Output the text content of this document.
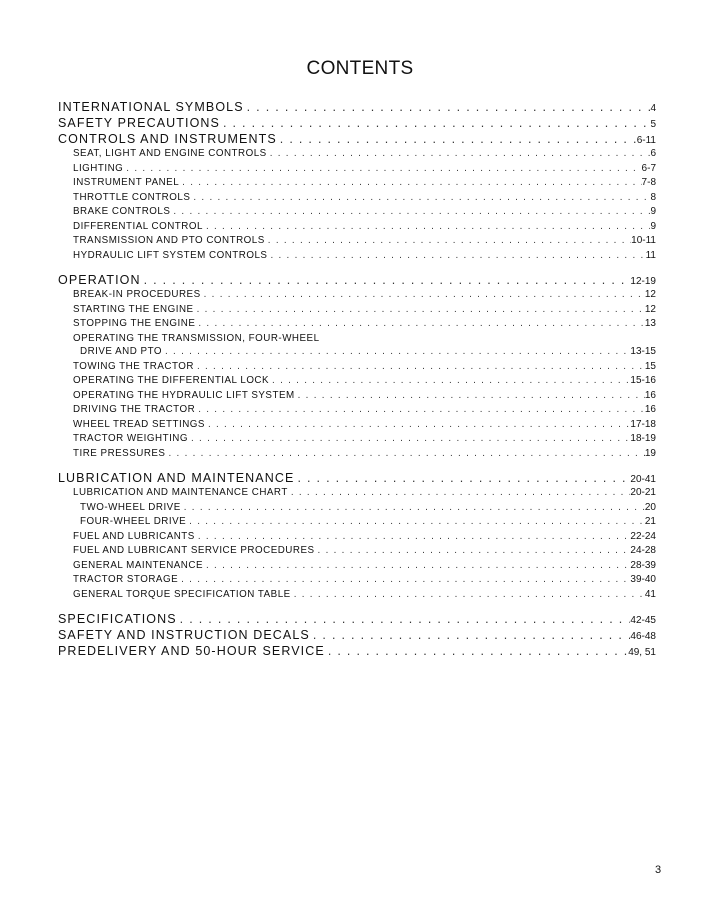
CONTENTS
INTERNATIONAL SYMBOLS . . .	4
SAFETY PRECAUTIONS . . .	5
CONTROLS AND INSTRUMENTS . . .	6-11
SEAT, LIGHT AND ENGINE CONTROLS . . .	6
LIGHTING . . .	6-7
INSTRUMENT PANEL . . .	7-8
THROTTLE CONTROLS . . .	8
BRAKE CONTROLS . . .	9
DIFFERENTIAL CONTROL . . .	9
TRANSMISSION AND PTO CONTROLS . . .	10-11
HYDRAULIC LIFT SYSTEM CONTROLS . . .	11
OPERATION . . .	12-19
BREAK-IN PROCEDURES . . .	12
STARTING THE ENGINE . . .	12
STOPPING THE ENGINE . . .	13
OPERATING THE TRANSMISSION, FOUR-WHEEL
DRIVE AND PTO . . .	13-15
TOWING THE TRACTOR . . .	15
OPERATING THE DIFFERENTIAL LOCK . . .	15-16
OPERATING THE HYDRAULIC LIFT SYSTEM . . .	16
DRIVING THE TRACTOR . . .	16
WHEEL TREAD SETTINGS . . .	17-18
TRACTOR WEIGHTING . . .	18-19
TIRE PRESSURES . . .	19
LUBRICATION AND MAINTENANCE . . .	20-41
LUBRICATION AND MAINTENANCE CHART . . .	20-21
TWO-WHEEL DRIVE . . .	20
FOUR-WHEEL DRIVE . . .	21
FUEL AND LUBRICANTS . . .	22-24
FUEL AND LUBRICANT SERVICE PROCEDURES . . .	24-28
GENERAL MAINTENANCE . . .	28-39
TRACTOR STORAGE . . .	39-40
GENERAL TORQUE SPECIFICATION TABLE . . .	41
SPECIFICATIONS . . .	42-45
SAFETY AND INSTRUCTION DECALS . . .	46-48
PREDELIVERY AND 50-HOUR SERVICE . . .	49, 51
3
